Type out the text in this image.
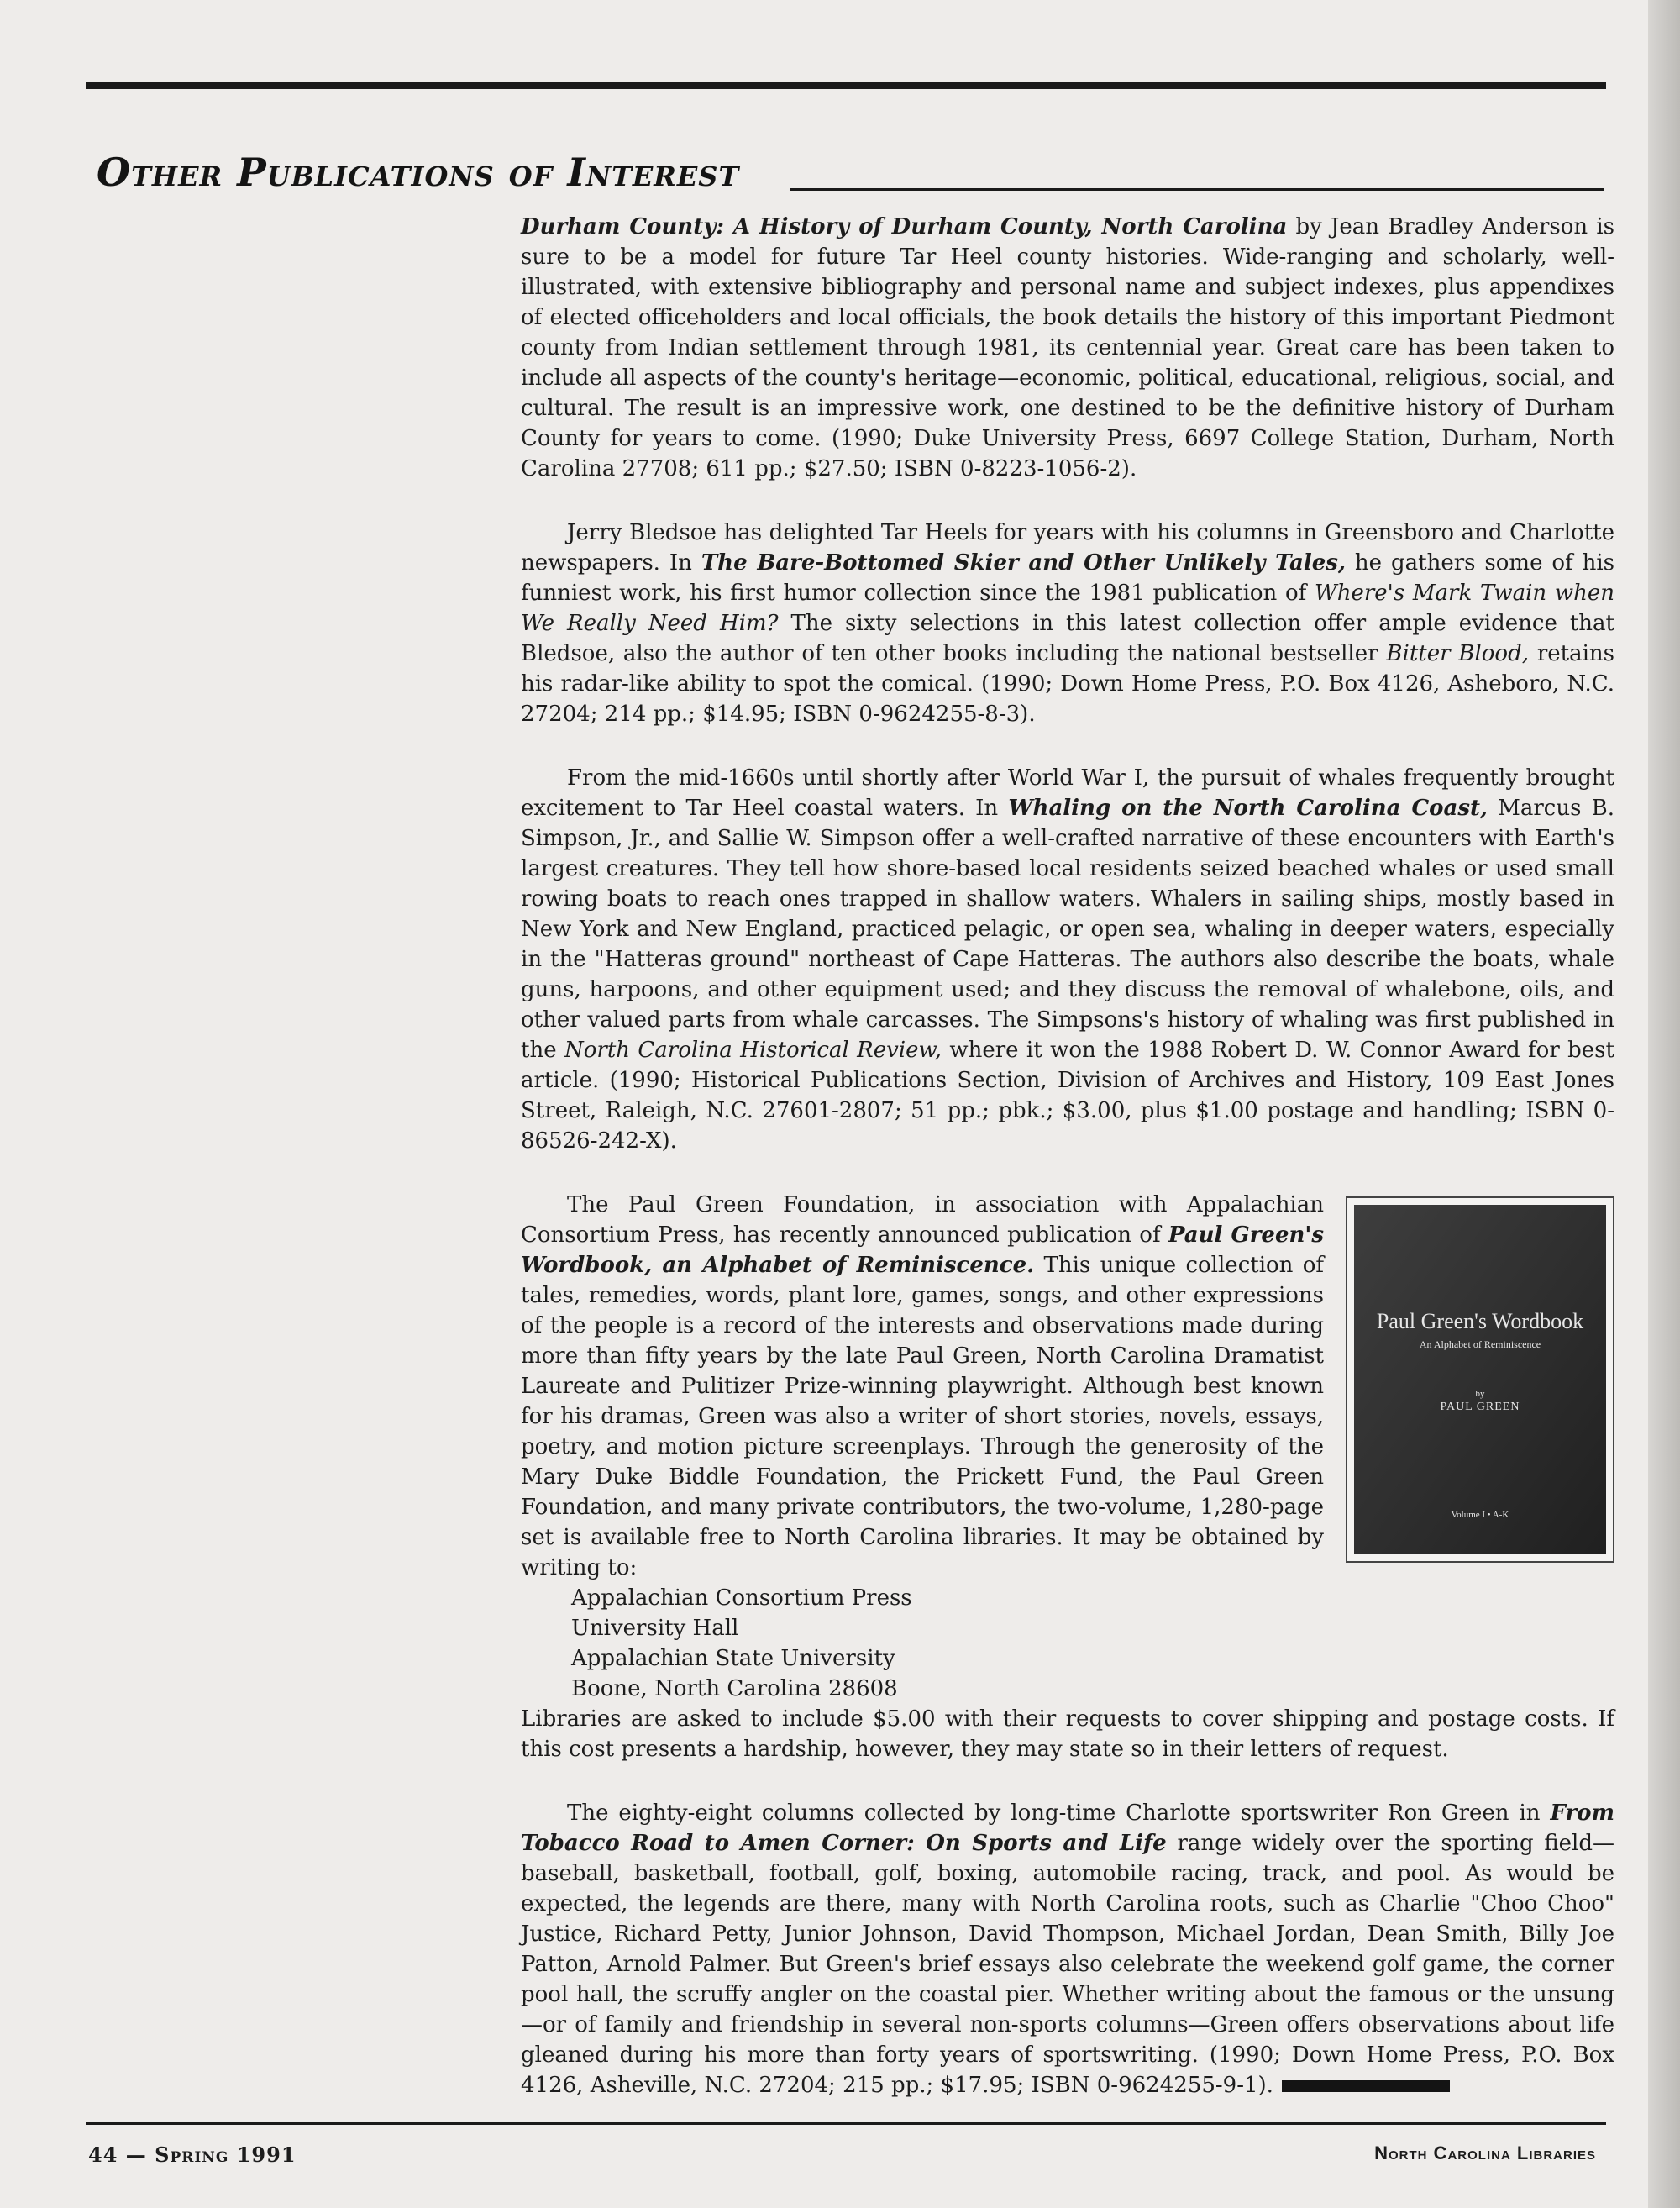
Other Publications of Interest

Durham County: A History of Durham County, North Carolina by Jean Bradley Anderson is sure to be a model for future Tar Heel county histories. Wide-ranging and scholarly, well-illustrated, with extensive bibliography and personal name and subject indexes, plus appendixes of elected officeholders and local officials, the book details the history of this important Piedmont county from Indian settlement through 1981, its centennial year. Great care has been taken to include all aspects of the county's heritage—economic, political, educational, religious, social, and cultural. The result is an impressive work, one destined to be the definitive history of Durham County for years to come. (1990; Duke University Press, 6697 College Station, Durham, North Carolina 27708; 611 pp.; $27.50; ISBN 0-8223-1056-2).

Jerry Bledsoe has delighted Tar Heels for years with his columns in Greensboro and Charlotte newspapers. In The Bare-Bottomed Skier and Other Unlikely Tales, he gathers some of his funniest work, his first humor collection since the 1981 publication of Where's Mark Twain when We Really Need Him? The sixty selections in this latest collection offer ample evidence that Bledsoe, also the author of ten other books including the national bestseller Bitter Blood, retains his radar-like ability to spot the comical. (1990; Down Home Press, P.O. Box 4126, Asheboro, N.C. 27204; 214 pp.; $14.95; ISBN 0-9624255-8-3).

From the mid-1660s until shortly after World War I, the pursuit of whales frequently brought excitement to Tar Heel coastal waters. In Whaling on the North Carolina Coast, Marcus B. Simpson, Jr., and Sallie W. Simpson offer a well-crafted narrative of these encounters with Earth's largest creatures. They tell how shore-based local residents seized beached whales or used small rowing boats to reach ones trapped in shallow waters. Whalers in sailing ships, mostly based in New York and New England, practiced pelagic, or open sea, whaling in deeper waters, especially in the "Hatteras ground" northeast of Cape Hatteras. The authors also describe the boats, whale guns, harpoons, and other equipment used; and they discuss the removal of whalebone, oils, and other valued parts from whale carcasses. The Simpsons's history of whaling was first published in the North Carolina Historical Review, where it won the 1988 Robert D. W. Connor Award for best article. (1990; Historical Publications Section, Division of Archives and History, 109 East Jones Street, Raleigh, N.C. 27601-2807; 51 pp.; pbk.; $3.00, plus $1.00 postage and handling; ISBN 0-86526-242-X).

Paul Green's Wordbook
An Alphabet of Reminiscence
by
PAUL GREEN
Volume I • A-K
The Paul Green Foundation, in association with Appalachian Consortium Press, has recently announced publication of Paul Green's Wordbook, an Alphabet of Reminiscence. This unique collection of tales, remedies, words, plant lore, games, songs, and other expressions of the people is a record of the interests and observations made during more than fifty years by the late Paul Green, North Carolina Dramatist Laureate and Pulitizer Prize-winning playwright. Although best known for his dramas, Green was also a writer of short stories, novels, essays, poetry, and motion picture screenplays. Through the generosity of the Mary Duke Biddle Foundation, the Prickett Fund, the Paul Green Foundation, and many private contributors, the two-volume, 1,280-page set is available free to North Carolina libraries. It may be obtained by writing to:
Appalachian Consortium Press
University Hall
Appalachian State University
Boone, North Carolina 28608
Libraries are asked to include $5.00 with their requests to cover shipping and postage costs. If this cost presents a hardship, however, they may state so in their letters of request.

The eighty-eight columns collected by long-time Charlotte sportswriter Ron Green in From Tobacco Road to Amen Corner: On Sports and Life range widely over the sporting field—baseball, basketball, football, golf, boxing, automobile racing, track, and pool. As would be expected, the legends are there, many with North Carolina roots, such as Charlie "Choo Choo" Justice, Richard Petty, Junior Johnson, David Thompson, Michael Jordan, Dean Smith, Billy Joe Patton, Arnold Palmer. But Green's brief essays also celebrate the weekend golf game, the corner pool hall, the scruffy angler on the coastal pier. Whether writing about the famous or the unsung—or of family and friendship in several non-sports columns—Green offers observations about life gleaned during his more than forty years of sportswriting. (1990; Down Home Press, P.O. Box 4126, Asheville, N.C. 27204; 215 pp.; $17.95; ISBN 0-9624255-9-1).

44 — Spring 1991	North Carolina Libraries
